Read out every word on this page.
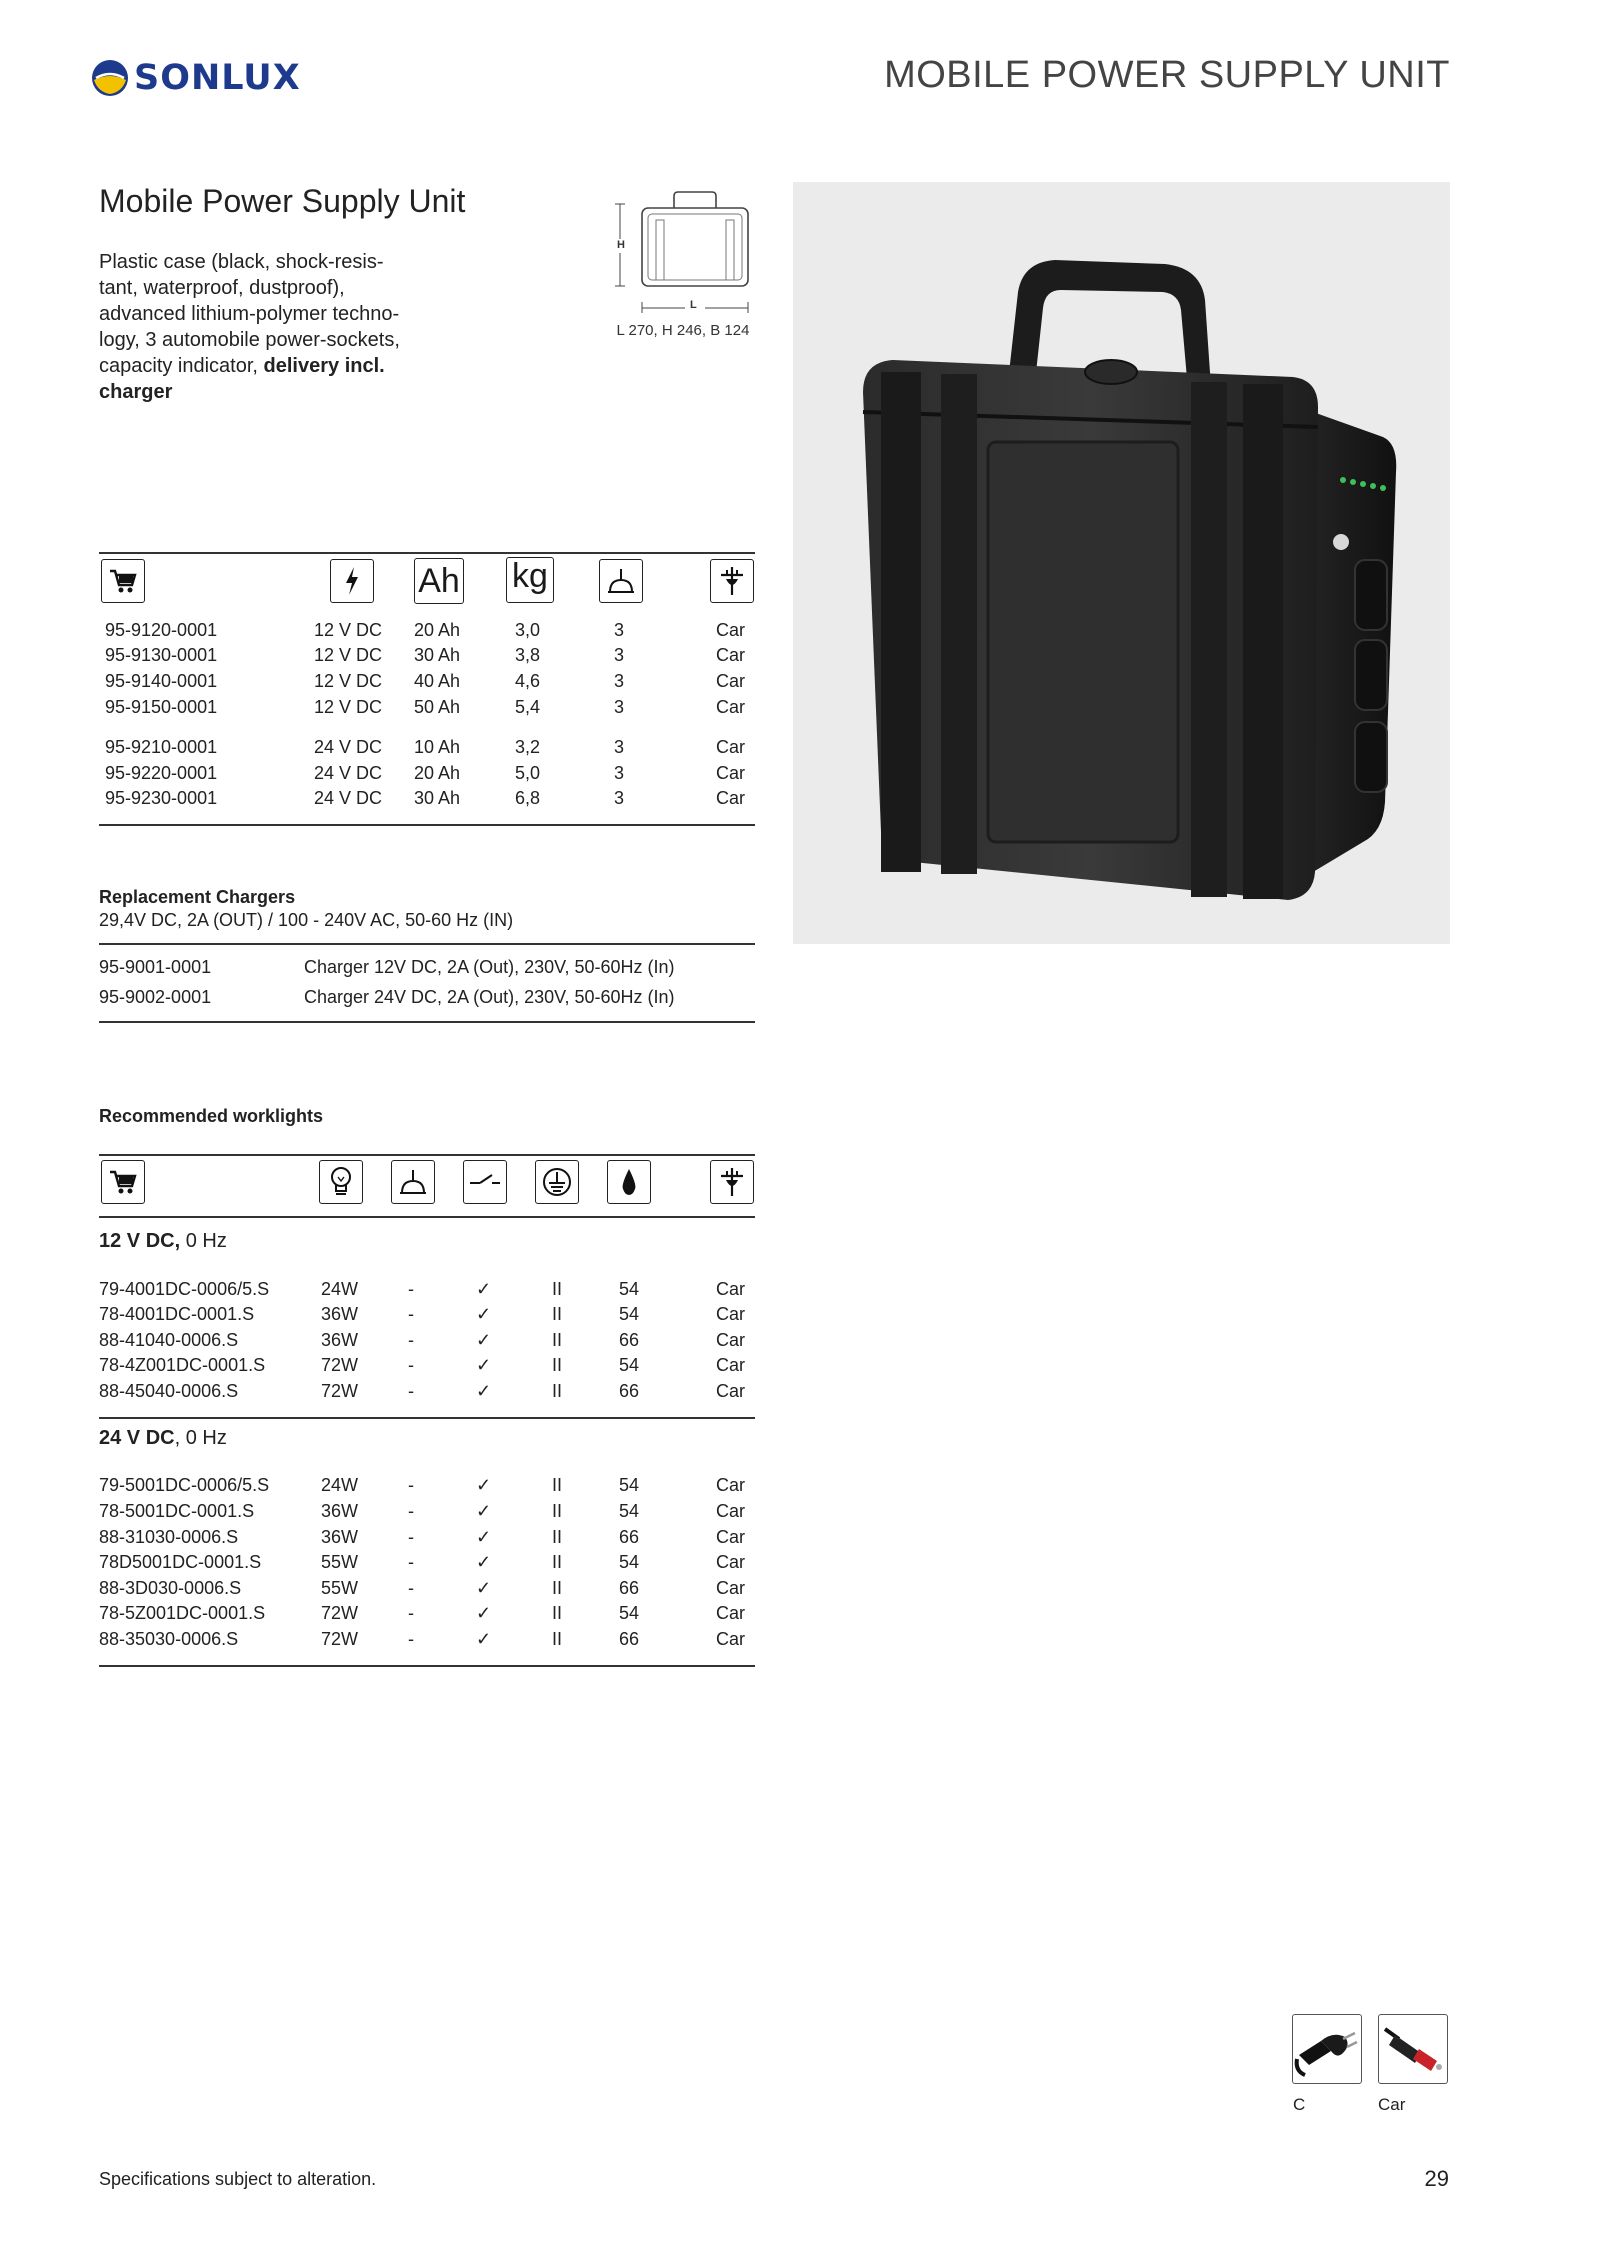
SONLUX	MOBILE POWER SUPPLY UNIT
Mobile Power Supply Unit
Plastic case (black, shock-resis-
tant, waterproof, dustproof),
advanced lithium-polymer techno-
logy, 3 automobile power-sockets,
capacity indicator, delivery incl.
charger
H
L
L 270, H 246, B 124
Ah kg
95-9120-0001	12 V DC 20 Ah	3,0	3	Car
95-9130-0001	12 V DC 30 Ah	3,8	3	Car
95-9140-0001	12 V DC 40 Ah	4,6	3	Car
95-9150-0001	12 V DC 50 Ah	5,4	3	Car
95-9210-0001	24 V DC 10 Ah	3,2	3	Car
95-9220-0001	24 V DC 20 Ah	5,0	3	Car
95-9230-0001	24 V DC 30 Ah	6,8	3	Car
Replacement Chargers
29,4V DC, 2A (OUT) / 100 - 240V AC, 50-60 Hz (IN)
95-9001-0001	Charger 12V DC, 2A (Out), 230V, 50-60Hz (In)
95-9002-0001	Charger 24V DC, 2A (Out), 230V, 50-60Hz (In)
Recommended worklights
12 V DC, 0 Hz
79-4001DC-0006/5.S	24W	-	✓	II	54	Car
78-4001DC-0001.S	36W	-	✓	II	54	Car
88-41040-0006.S	36W	-	✓	II	66	Car
78-4Z001DC-0001.S	72W	-	✓	II	54	Car
88-45040-0006.S	72W	-	✓	II	66	Car
24 V DC, 0 Hz
79-5001DC-0006/5.S	24W	-	✓	II	54	Car
78-5001DC-0001.S	36W	-	✓	II	54	Car
88-31030-0006.S	36W	-	✓	II	66	Car
78D5001DC-0001.S	55W	-	✓	II	54	Car
88-3D030-0006.S	55W	-	✓	II	66	Car
78-5Z001DC-0001.S	72W	-	✓	II	54	Car
88-35030-0006.S	72W	-	✓	II	66	Car
C	Car
Specifications subject to alteration.	29
